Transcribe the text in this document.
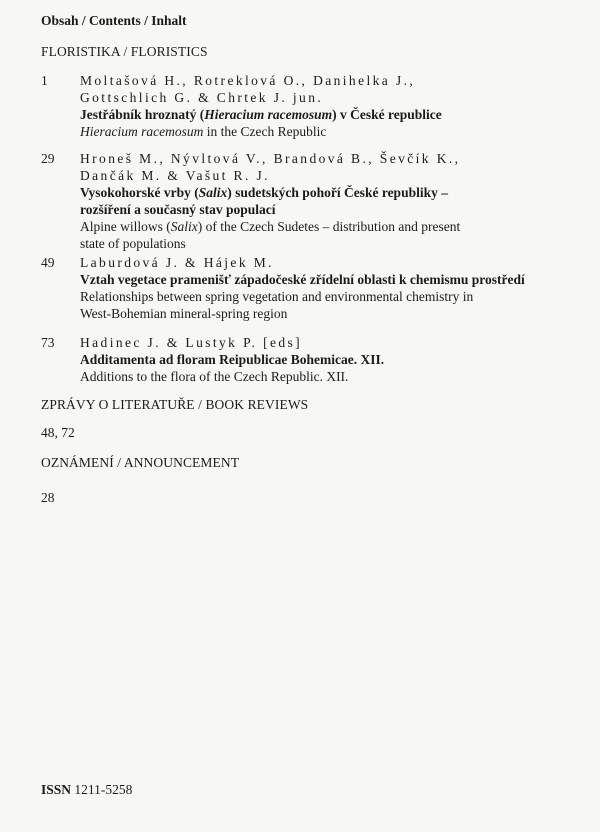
Obsah / Contents / Inhalt
FLORISTIKA / FLORISTICS
1 Moltašová H., Rotreklová O., Danihelka J.,
Gottschlich G. & Chrtek J. jun.
Jestřábník hroznatý (Hieracium racemosum) v České republice
Hieracium racemosum in the Czech Republic
29 Hroneš M., Nývltová V., Brandová B., Ševčík K.,
Dančák M. & Vašut R. J.
Vysokohorské vrby (Salix) sudetských pohoří České republiky –
rozšíření a současný stav populací
Alpine willows (Salix) of the Czech Sudetes – distribution and present
state of populations
49 Laburdová J. & Hájek M.
Vztah vegetace pramenišť západočeské zřídelní oblasti k chemismu prostředí
Relationships between spring vegetation and environmental chemistry in
West-Bohemian mineral-spring region
73 Hadinec J. & Lustyk P. [eds]
Additamenta ad floram Reipublicae Bohemicae. XII.
Additions to the flora of the Czech Republic. XII.
ZPRÁVY O LITERATUŘE / BOOK REVIEWS
48, 72
OZNÁMENÍ / ANNOUNCEMENT
28
ISSN 1211-5258
